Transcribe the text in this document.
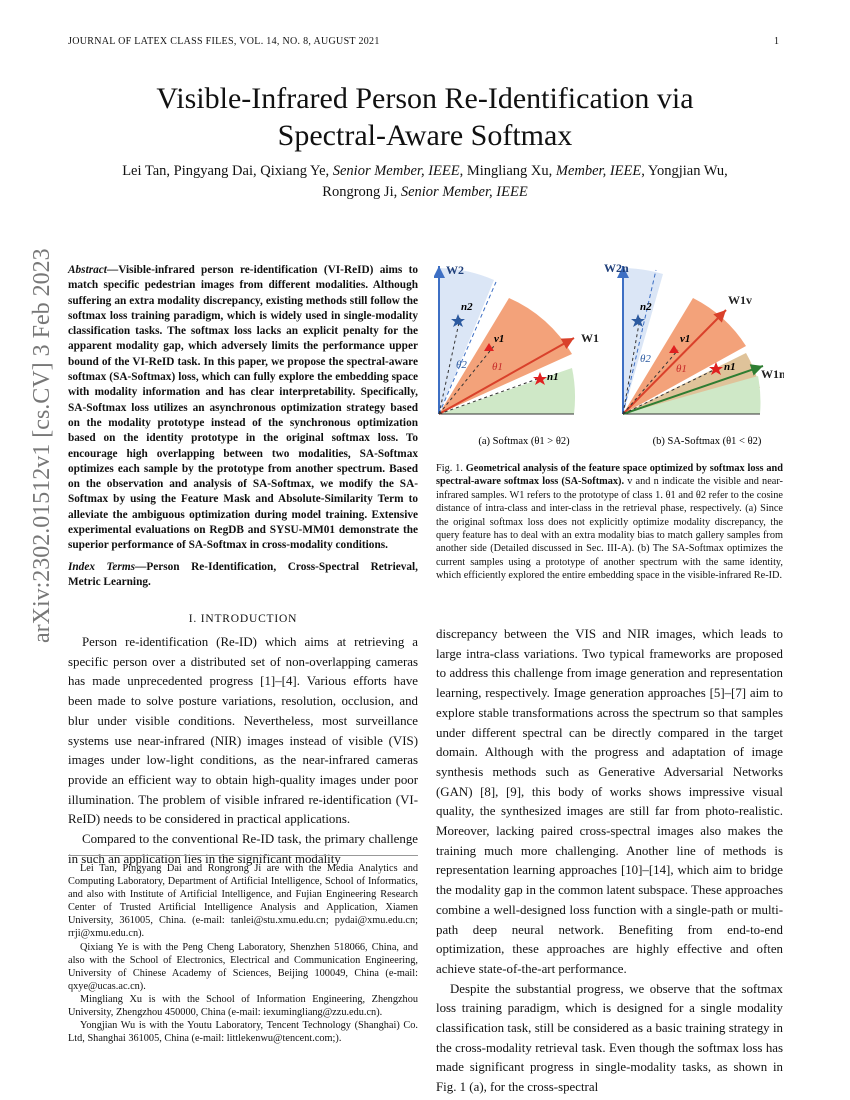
JOURNAL OF LATEX CLASS FILES, VOL. 14, NO. 8, AUGUST 2021	1
arXiv:2302.01512v1 [cs.CV] 3 Feb 2023
Visible-Infrared Person Re-Identification via
Spectral-Aware Softmax
Lei Tan, Pingyang Dai, Qixiang Ye, Senior Member, IEEE, Mingliang Xu, Member, IEEE, Yongjian Wu,
Rongrong Ji, Senior Member, IEEE
Abstract—Visible-infrared person re-identification (VI-ReID) aims to match specific pedestrian images from different modalities. Although suffering an extra modality discrepancy, existing methods still follow the softmax loss training paradigm, which is widely used in single-modality classification tasks. The softmax loss lacks an explicit penalty for the apparent modality gap, which adversely limits the performance upper bound of the VI-ReID task. In this paper, we propose the spectral-aware softmax (SA-Softmax) loss, which can fully explore the embedding space with modality information and has clear interpretability. Specifically, SA-Softmax loss utilizes an asynchronous optimization strategy based on the modality prototype instead of the synchronous optimization based on the identity prototype in the original softmax loss. To encourage high overlapping between two modalities, SA-Softmax optimizes each sample by the prototype from another spectrum. Based on the observation and analysis of SA-Softmax, we modify the SA-Softmax by using the Feature Mask and Absolute-Similarity Term to alleviate the ambiguous optimization during model training. Extensive experimental evaluations on RegDB and SYSU-MM01 demonstrate the superior performance of SA-Softmax in cross-modality conditions.
Index Terms—Person Re-Identification, Cross-Spectral Retrieval, Metric Learning.
I. INTRODUCTION

Person re-identification (Re-ID) which aims at retrieving a specific person over a distributed set of non-overlapping cameras has made unprecedented progress [1]–[4]. Various efforts have been made to solve posture variations, resolution, occlusion, and blur under visible conditions. Nevertheless, most surveillance systems use near-infrared (NIR) images instead of visible (VIS) images under low-light conditions, as the near-infrared cameras provide an efficient way to obtain high-quality images under poor illumination. The problem of visible infrared re-identification (VI-ReID) needs to be considered in practical applications.

Compared to the conventional Re-ID task, the primary challenge in such an application lies in the significant modality

Lei Tan, Pingyang Dai and Rongrong Ji are with the Media Analytics and Computing Laboratory, Department of Artificial Intelligence, School of Informatics, and also with Institute of Artificial Intelligence, and Fujian Engineering Research Center of Trusted Artificial Intelligence Analysis and Application, Xiamen University, 361005, China. (e-mail: tanlei@stu.xmu.edu.cn; pydai@xmu.edu.cn; rrji@xmu.edu.cn).

Qixiang Ye is with the Peng Cheng Laboratory, Shenzhen 518066, China, and also with the School of Electronics, Electrical and Communication Engineering, University of Chinese Academy of Sciences, Beijing 100049, China (e-mail: qxye@ucas.ac.cn).

Mingliang Xu is with the School of Information Engineering, Zhengzhou University, Zhengzhou 450000, China (e-mail: iexumingliang@zzu.edu.cn).

Yongjian Wu is with the Youtu Laboratory, Tencent Technology (Shanghai) Co. Ltd, Shanghai 361005, China (e-mail: littlekenwu@tencent.com;).

W2
W1
n2
v1
n1
θ1
θ2
W2n
W1v
W1n
n2
v1
n1
θ1
θ2
(a) Softmax (θ1 > θ2)	(b) SA-Softmax (θ1 < θ2)
Fig. 1. Geometrical analysis of the feature space optimized by softmax loss and spectral-aware softmax loss (SA-Softmax). v and n indicate the visible and near-infrared samples. W1 refers to the prototype of class 1. θ1 and θ2 refer to the cosine distance of intra-class and inter-class in the retrieval phase, respectively. (a) Since the original softmax loss does not explicitly optimize modality discrepancy, the query feature has to deal with an extra modality bias to match gallery samples from another side (Detailed discussed in Sec. III-A). (b) The SA-Softmax optimizes the current samples using a prototype of another spectrum with the same identity, which efficiently explored the entire embedding space in the visible-infrared Re-ID.

discrepancy between the VIS and NIR images, which leads to large intra-class variations. Two typical frameworks are proposed to address this challenge from image generation and representation learning, respectively. Image generation approaches [5]–[7] aim to explore stable transformations across the spectrum so that samples under different spectral can be directly compared in the target domain. Although with the progress and adaptation of image synthesis methods such as Generative Adversarial Networks (GAN) [8], [9], this body of works shows impressive visual quality, the synthesized images are still far from photo-realistic. Moreover, lacking paired cross-spectral images also makes the training much more challenging. Another line of methods is representation learning approaches [10]–[14], which aim to bridge the modality gap in the common latent subspace. These approaches combine a well-designed loss function with a single-path or multi-path deep neural network. Benefiting from end-to-end optimization, these approaches are highly effective and often achieve state-of-the-art performance.

Despite the substantial progress, we observe that the softmax loss training paradigm, which is designed for a single modality classification task, still be considered as a basic training strategy in the cross-modality retrieval task. Even though the softmax loss has made significant progress in single-modality tasks, as shown in Fig. 1 (a), for the cross-spectral
